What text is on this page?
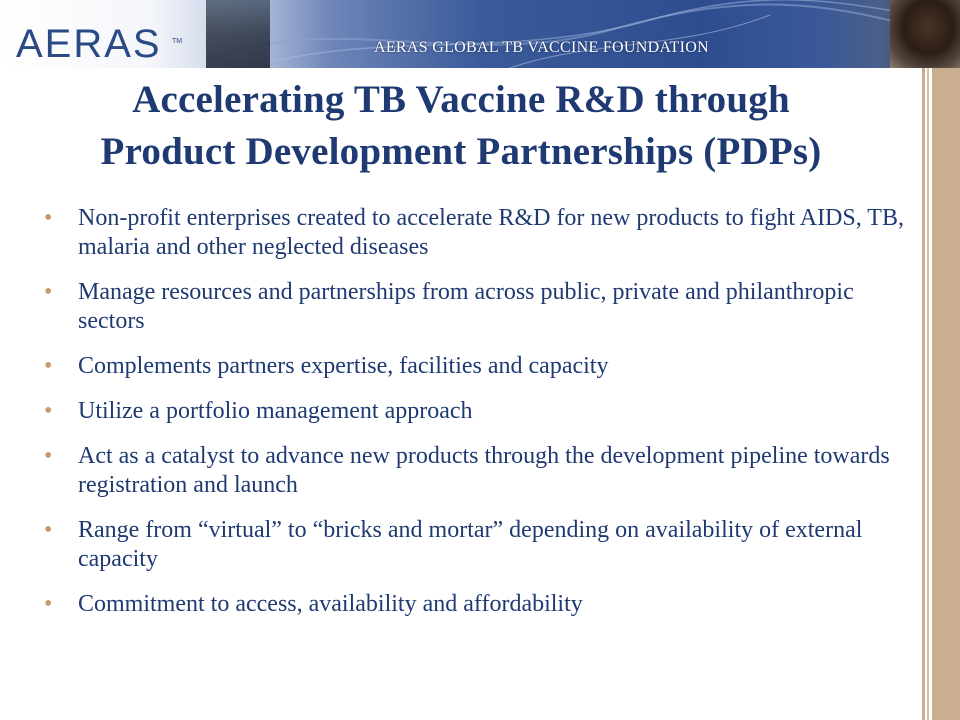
AERAS TM	AERAS GLOBAL TB VACCINE FOUNDATION
Accelerating TB Vaccine R&D through
Product Development Partnerships (PDPs)
• Non-profit enterprises created to accelerate R&D for new products to fight AIDS, TB, malaria and other neglected diseases
• Manage resources and partnerships from across public, private and philanthropic sectors
• Complements partners expertise, facilities and capacity
• Utilize a portfolio management approach
• Act as a catalyst to advance new products through the development pipeline towards registration and launch
• Range from “virtual” to “bricks and mortar” depending on availability of external capacity
• Commitment to access, availability and affordability
